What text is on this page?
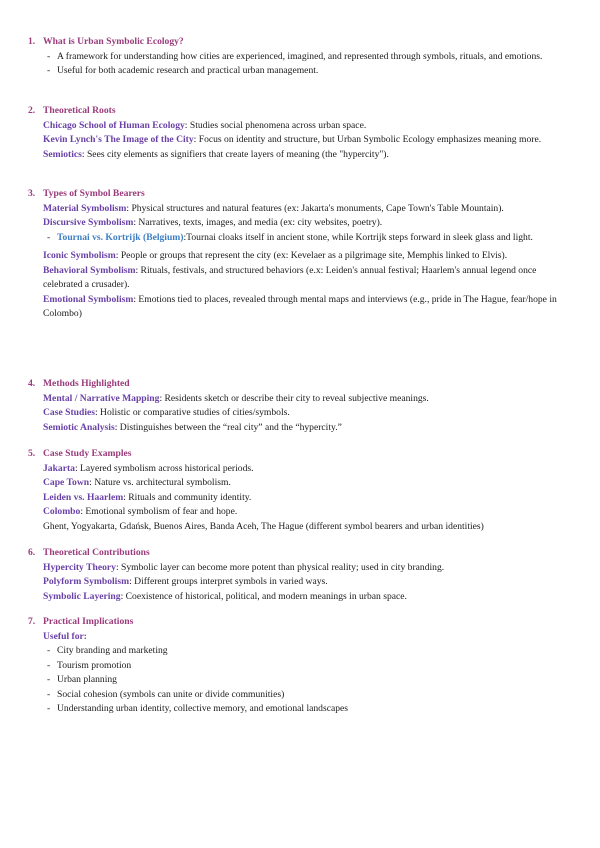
1. What is Urban Symbolic Ecology?
- A framework for understanding how cities are experienced, imagined, and represented through symbols, rituals, and emotions.
- Useful for both academic research and practical urban management.
2. Theoretical Roots
Chicago School of Human Ecology: Studies social phenomena across urban space.
Kevin Lynch's The Image of the City: Focus on identity and structure, but Urban Symbolic Ecology emphasizes meaning more.
Semiotics: Sees city elements as signifiers that create layers of meaning (the "hypercity").
3. Types of Symbol Bearers
Material Symbolism: Physical structures and natural features (ex: Jakarta's monuments, Cape Town's Table Mountain).
Discursive Symbolism: Narratives, texts, images, and media (ex: city websites, poetry).
- Tournai vs. Kortrijk (Belgium):Tournai cloaks itself in ancient stone, while Kortrijk steps forward in sleek glass and light.
Iconic Symbolism: People or groups that represent the city (ex: Kevelaer as a pilgrimage site, Memphis linked to Elvis).
Behavioral Symbolism: Rituals, festivals, and structured behaviors (e.x: Leiden's annual festival; Haarlem's annual legend once celebrated a crusader).
Emotional Symbolism: Emotions tied to places, revealed through mental maps and interviews (e.g., pride in The Hague, fear/hope in Colombo)
4. Methods Highlighted
Mental / Narrative Mapping: Residents sketch or describe their city to reveal subjective meanings.
Case Studies: Holistic or comparative studies of cities/symbols.
Semiotic Analysis: Distinguishes between the “real city” and the “hypercity.”
5. Case Study Examples
Jakarta: Layered symbolism across historical periods.
Cape Town: Nature vs. architectural symbolism.
Leiden vs. Haarlem: Rituals and community identity.
Colombo: Emotional symbolism of fear and hope.
Ghent, Yogyakarta, Gdańsk, Buenos Aires, Banda Aceh, The Hague (different symbol bearers and urban identities)
6. Theoretical Contributions
Hypercity Theory: Symbolic layer can become more potent than physical reality; used in city branding.
Polyform Symbolism: Different groups interpret symbols in varied ways.
Symbolic Layering: Coexistence of historical, political, and modern meanings in urban space.
7. Practical Implications
Useful for:
- City branding and marketing
- Tourism promotion
- Urban planning
- Social cohesion (symbols can unite or divide communities)
- Understanding urban identity, collective memory, and emotional landscapes
